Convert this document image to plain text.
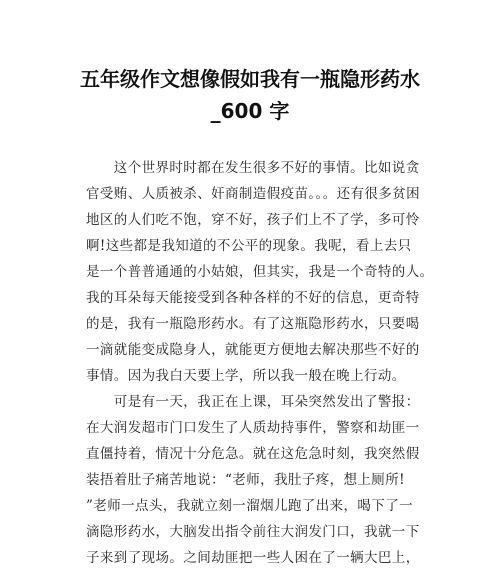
五年级作文想像假如我有一瓶隐形药水
_600 字
　　这个世界时时都在发生很多不好的事情。比如说贪
官受贿、人质被杀、奸商制造假疫苗。。。还有很多贫困
地区的人们吃不饱，穿不好，孩子们上不了学，多可怜
啊!这些都是我知道的不公平的现象。我呢，看上去只
是一个普普通通的小姑娘，但其实，我是一个奇特的人。
我的耳朵每天能接受到各种各样的不好的信息，更奇特
的是，我有一瓶隐形药水。有了这瓶隐形药水，只要喝
一滴就能变成隐身人，就能更方便地去解决那些不好的
事情。因为我白天要上学，所以我一般在晚上行动。
　　可是有一天，我正在上课，耳朵突然发出了警报：
在大润发超市门口发生了人质劫持事件，警察和劫匪一
直僵持着，情况十分危急。就在这危急时刻，我突然假
装捂着肚子痛苦地说：“老师，我肚子疼，想上厕所!
”老师一点头，我就立刻一溜烟儿跑了出来，喝下了一
滴隐形药水，大脑发出指令前往大润发门口，我就一下
子来到了现场。之间劫匪把一些人困在了一辆大巴上，
